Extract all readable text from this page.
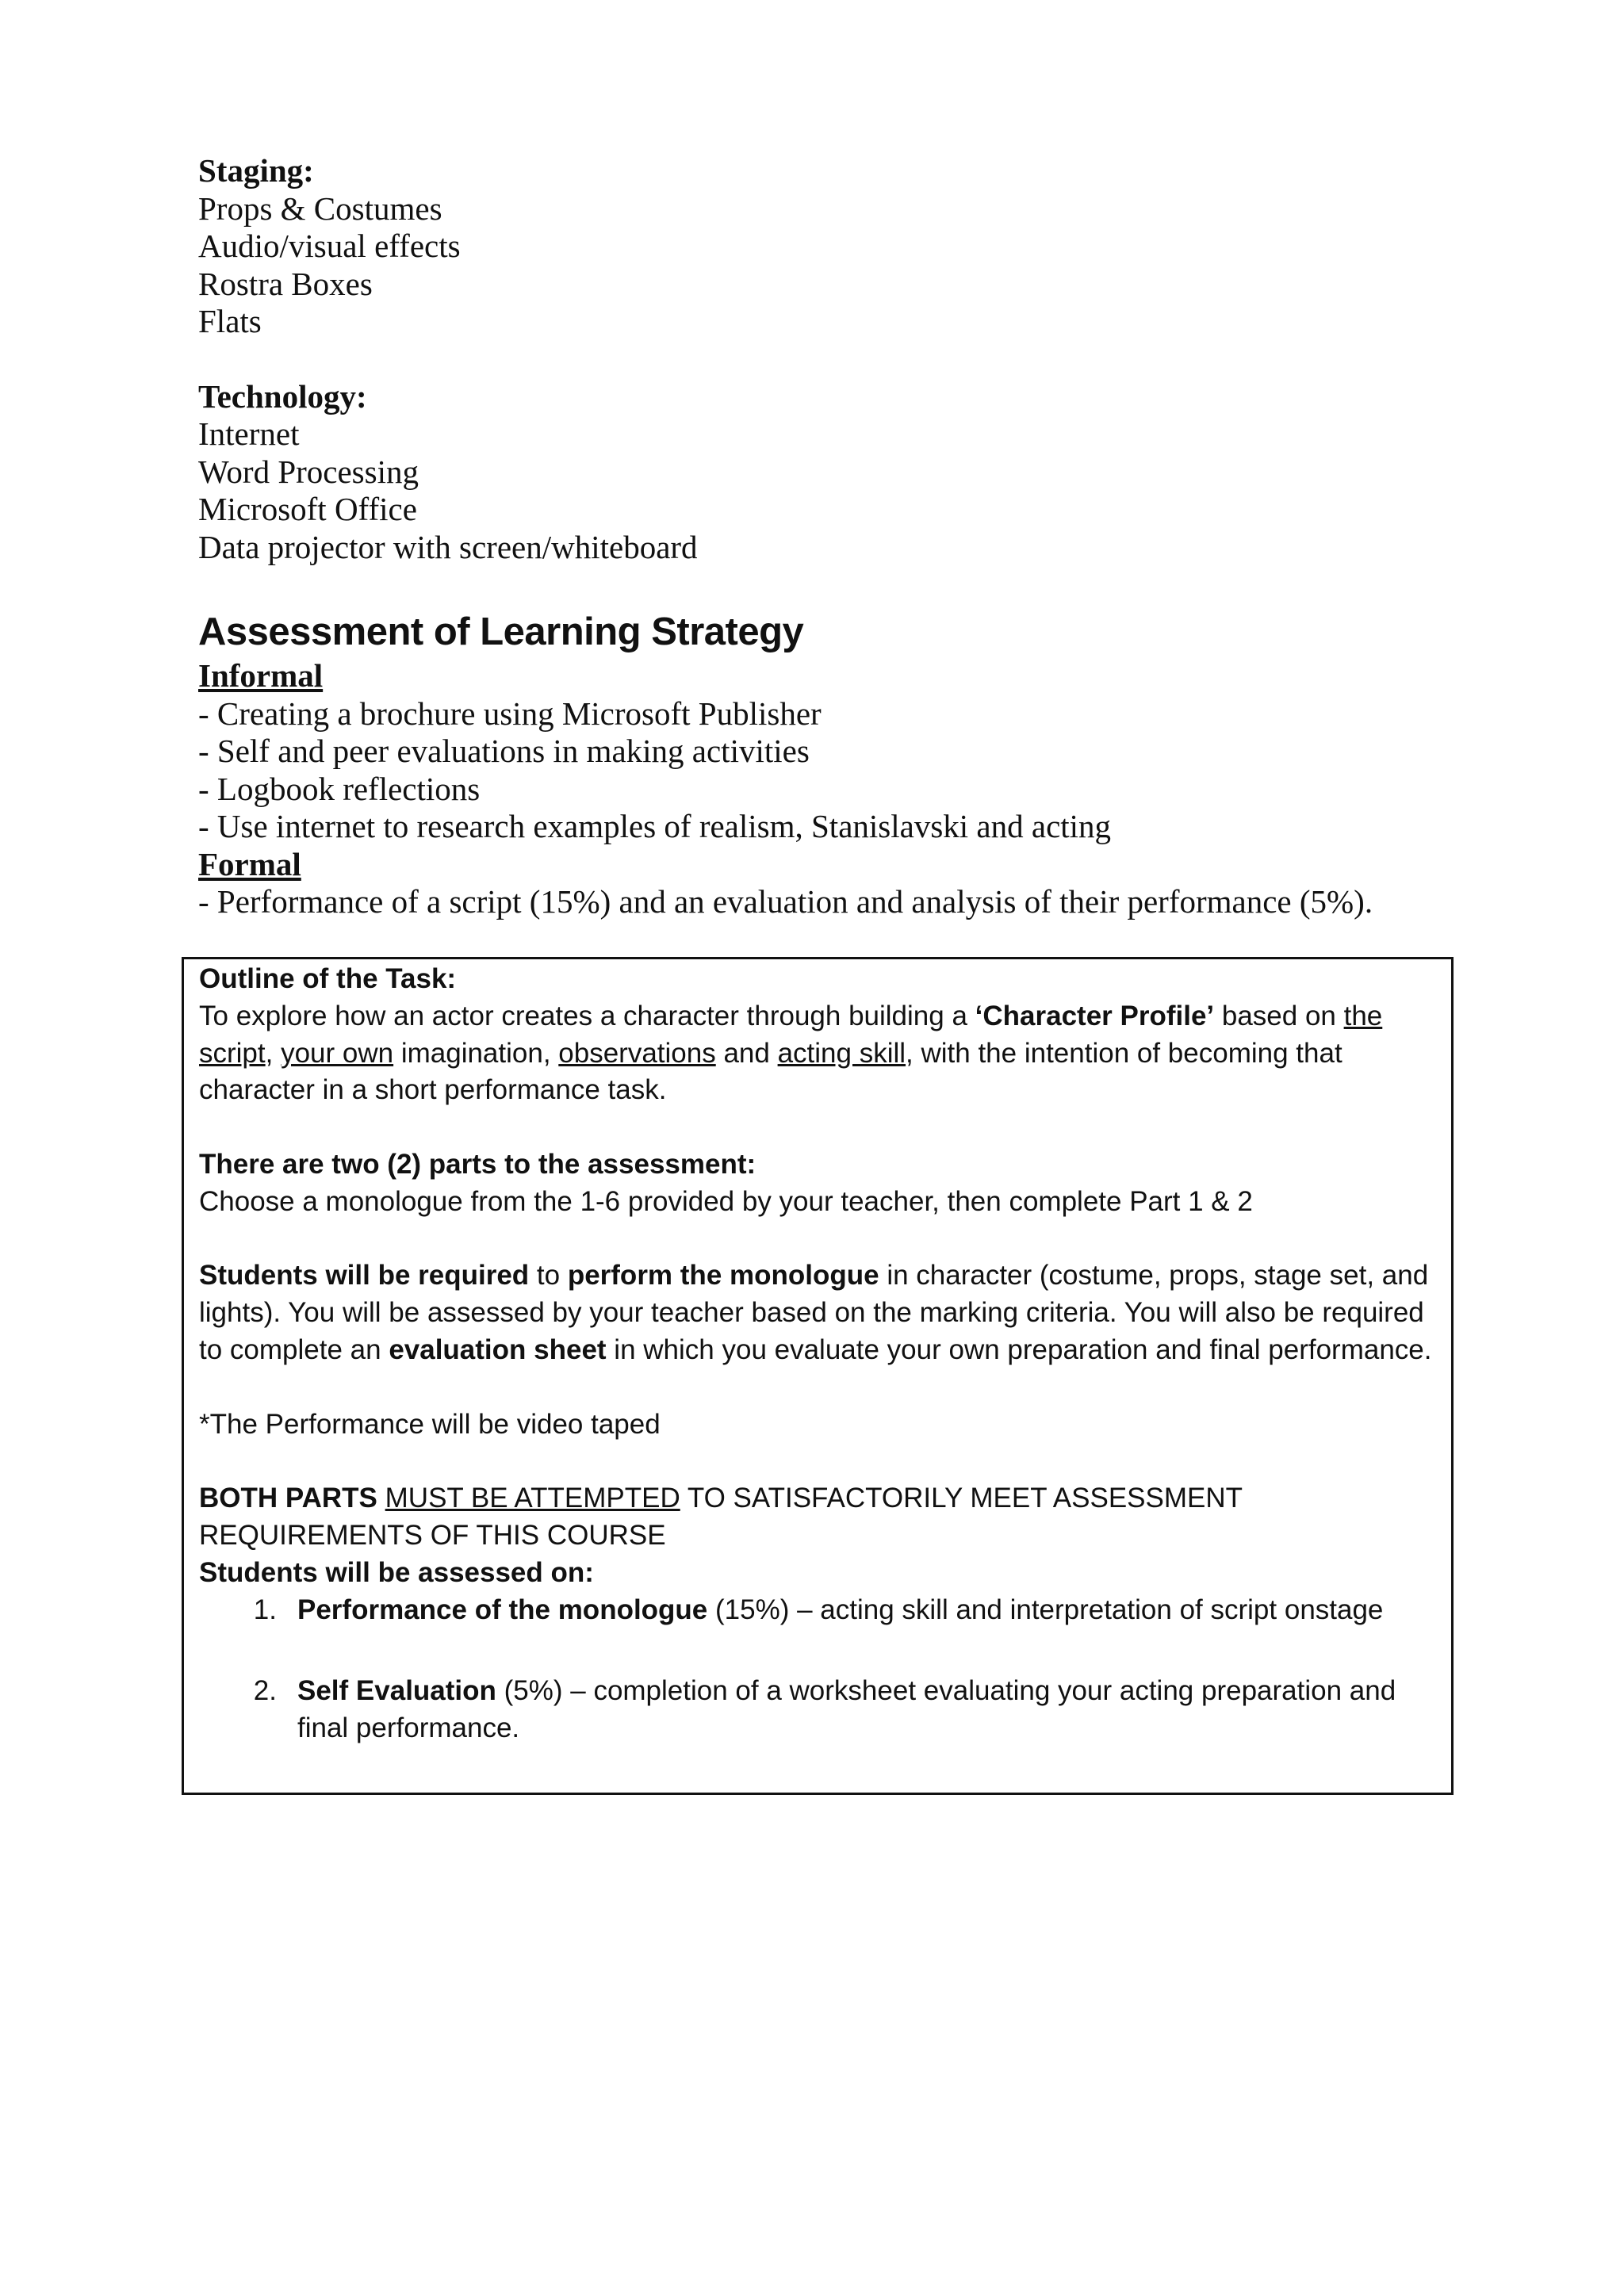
Staging:

Props & Costumes

Audio/visual effects

Rostra Boxes

Flats

Technology:

Internet

Word Processing

Microsoft Office

Data projector with screen/whiteboard

Assessment of Learning Strategy

Informal

- Creating a brochure using Microsoft Publisher

- Self and peer evaluations in making activities

- Logbook reflections

- Use internet to research examples of realism, Stanislavski and acting

Formal

- Performance of a script (15%) and an evaluation and analysis of their performance (5%).

Outline of the Task:

To explore how an actor creates a character through building a ‘Character Profile’ based on the script, your own imagination, observations and acting skill, with the intention of becoming that character in a short performance task.

There are two (2) parts to the assessment:

Choose a monologue from the 1-6 provided by your teacher, then complete Part 1 & 2

Students will be required to perform the monologue in character (costume, props, stage set, and lights). You will be assessed by your teacher based on the marking criteria. You will also be required to complete an evaluation sheet in which you evaluate your own preparation and final performance.

*The Performance will be video taped

BOTH PARTS MUST BE ATTEMPTED TO SATISFACTORILY MEET ASSESSMENT REQUIREMENTS OF THIS COURSE

Students will be assessed on:

1. Performance of the monologue (15%) – acting skill and interpretation of script onstage
2. Self Evaluation (5%) – completion of a worksheet evaluating your acting preparation and final performance.
